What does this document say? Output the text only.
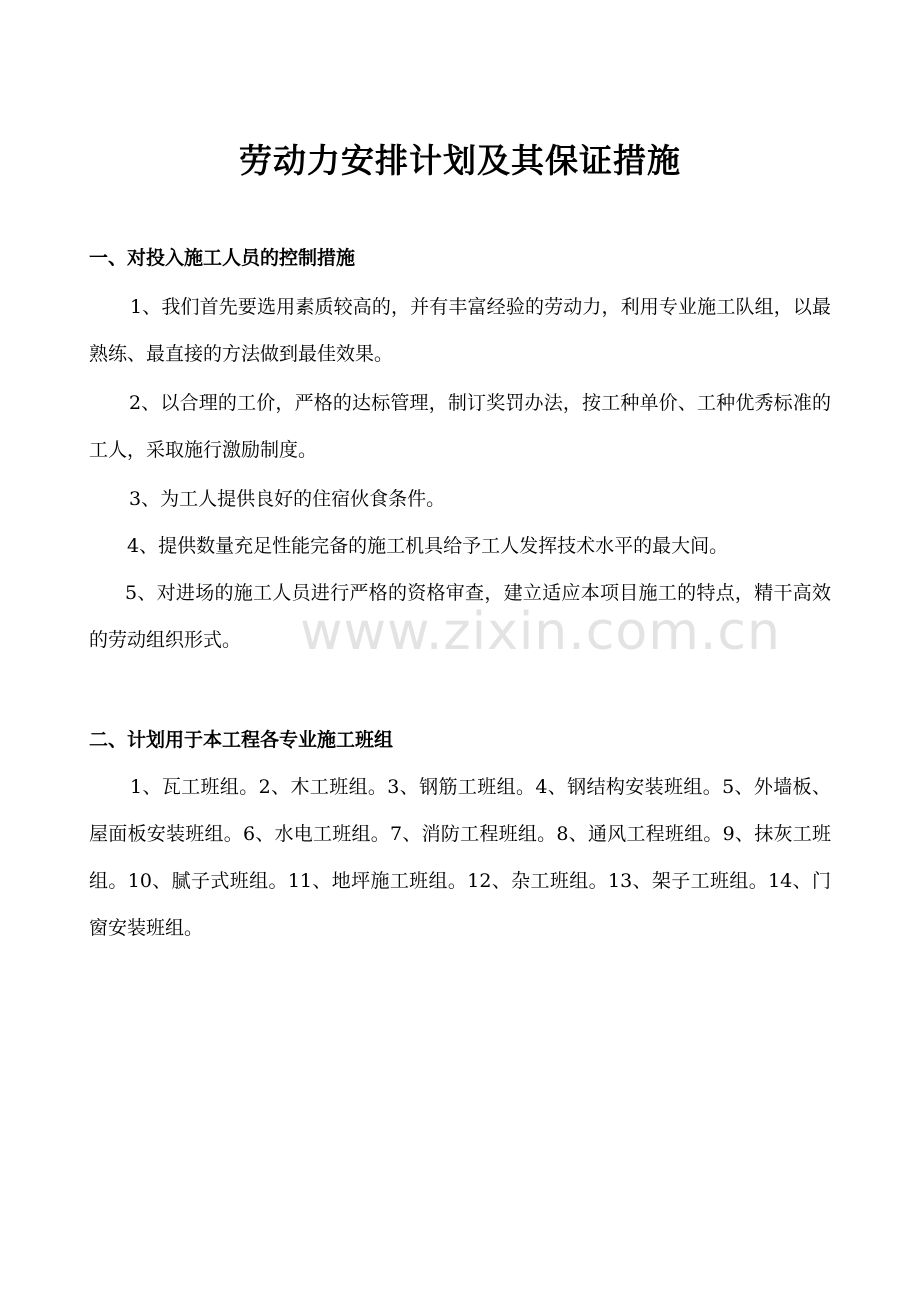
www.zixin.com.cn
劳动力安排计划及其保证措施
一、对投入施工人员的控制措施

1、我们首先要选用素质较高的，并有丰富经验的劳动力，利用专业施工队组，以最熟练、最直接的方法做到最佳效果。

2、以合理的工价，严格的达标管理，制订奖罚办法，按工种单价、工种优秀标准的工人，采取施行激励制度。

3、为工人提供良好的住宿伙食条件。

4、提供数量充足性能完备的施工机具给予工人发挥技术水平的最大间。

5、对进场的施工人员进行严格的资格审查，建立适应本项目施工的特点，精干高效的劳动组织形式。

二、计划用于本工程各专业施工班组

1、瓦工班组。2、木工班组。3、钢筋工班组。4、钢结构安装班组。5、外墙板、屋面板安装班组。6、水电工班组。7、消防工程班组。8、通风工程班组。9、抹灰工班组。10、腻子式班组。11、地坪施工班组。12、杂工班组。13、架子工班组。14、门窗安装班组。
